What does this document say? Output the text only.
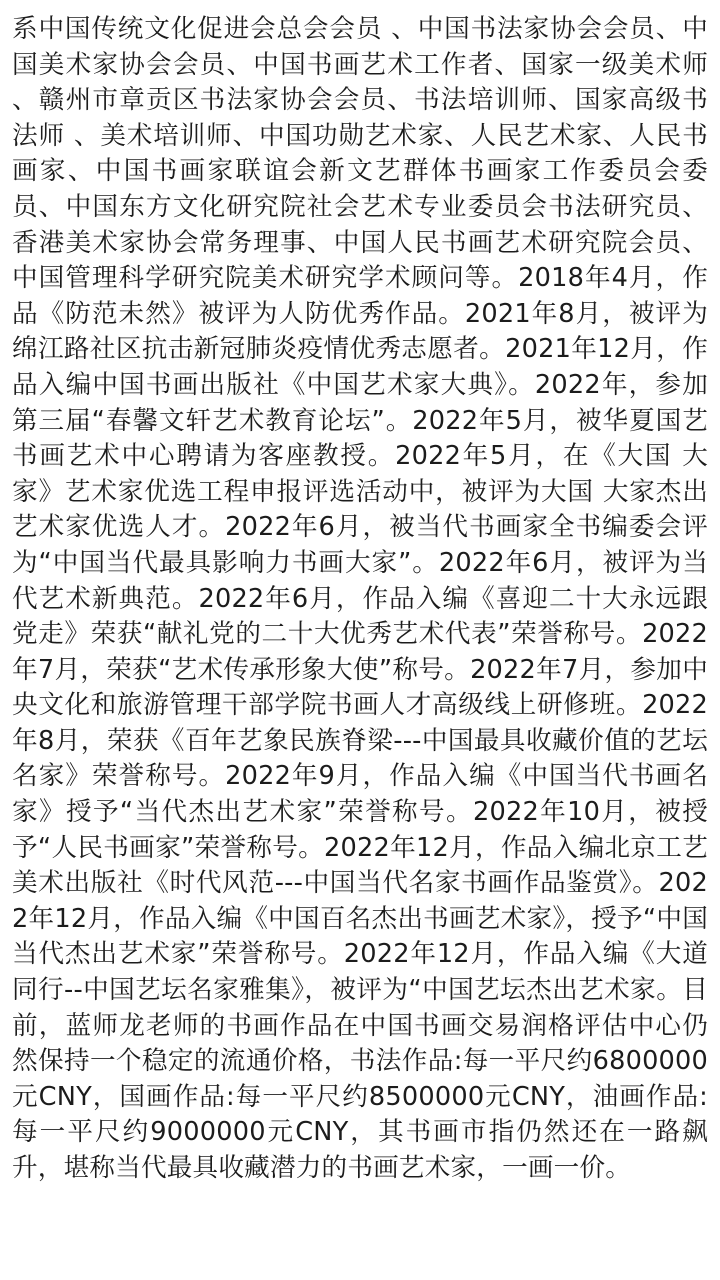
系中国传统文化促进会总会会员 、中国书法家协会会员、中国美术家协会会员、中国书画艺术工作者、国家一级美术师 、赣州市章贡区书法家协会会员、书法培训师、国家高级书法师 、美术培训师、中国功勋艺术家、人民艺术家、人民书画家、中国书画家联谊会新文艺群体书画家工作委员会委员、中国东方文化研究院社会艺术专业委员会书法研究员、香港美术家协会常务理事、中国人民书画艺术研究院会员、中国管理科学研究院美术研究学术顾问等。2018年4月，作品《防范未然》被评为人防优秀作品。2021年8月，被评为绵江路社区抗击新冠肺炎疫情优秀志愿者。2021年12月，作品入编中国书画出版社《中国艺术家大典》。2022年，参加第三届“春馨文轩艺术教育论坛”。2022年5月，被华夏国艺书画艺术中心聘请为客座教授。2022年5月，在《大国 大家》艺术家优选工程申报评选活动中，被评为大国 大家杰出艺术家优选人才。2022年6月，被当代书画家全书编委会评为“中国当代最具影响力书画大家”。2022年6月，被评为当代艺术新典范。2022年6月，作品入编《喜迎二十大永远跟党走》荣获“献礼党的二十大优秀艺术代表”荣誉称号。2022年7月，荣获“艺术传承形象大使”称号。2022年7月，参加中央文化和旅游管理干部学院书画人才高级线上研修班。2022年8月，荣获《百年艺象民族脊梁---中国最具收藏价值的艺坛名家》荣誉称号。2022年9月，作品入编《中国当代书画名家》授予“当代杰出艺术家”荣誉称号。2022年10月，被授予“人民书画家”荣誉称号。2022年12月，作品入编北京工艺美术出版社《时代风范---中国当代名家书画作品鉴赏》。2022年12月，作品入编《中国百名杰出书画艺术家》，授予“中国当代杰出艺术家”荣誉称号。2022年12月，作品入编《大道同行--中国艺坛名家雅集》，被评为“中国艺坛杰出艺术家。目前，蓝师龙老师的书画作品在中国书画交易润格评估中心仍然保持一个稳定的流通价格，书法作品:每一平尺约6800000元CNY，国画作品:每一平尺约8500000元CNY，油画作品:每一平尺约9000000元CNY，其书画市指仍然还在一路飙升，堪称当代最具收藏潜力的书画艺术家，一画一价。
